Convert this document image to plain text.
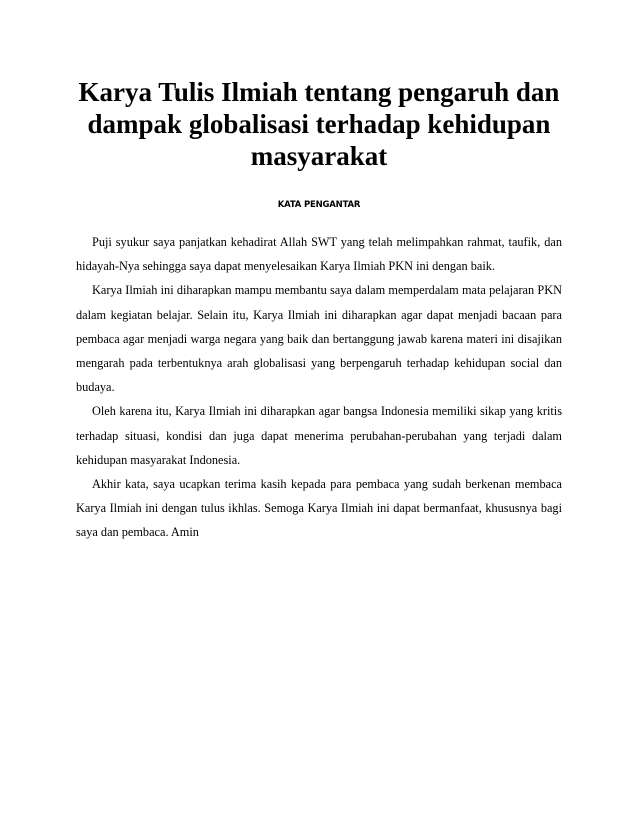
Karya Tulis Ilmiah tentang pengaruh dan dampak globalisasi terhadap kehidupan masyarakat
KATA PENGANTAR

Puji syukur saya panjatkan kehadirat Allah SWT yang telah melimpahkan rahmat, taufik, dan hidayah-Nya sehingga saya dapat menyelesaikan Karya Ilmiah PKN ini dengan baik.

Karya Ilmiah ini diharapkan mampu membantu saya dalam memperdalam mata pelajaran PKN dalam kegiatan belajar. Selain itu, Karya Ilmiah ini diharapkan agar dapat menjadi bacaan para pembaca agar menjadi warga negara yang baik dan bertanggung jawab karena materi ini disajikan mengarah pada terbentuknya arah globalisasi yang berpengaruh terhadap kehidupan social dan budaya.

Oleh karena itu, Karya Ilmiah ini diharapkan agar bangsa Indonesia memiliki sikap yang kritis terhadap situasi, kondisi dan juga dapat menerima perubahan-perubahan yang terjadi dalam kehidupan masyarakat Indonesia.

Akhir kata, saya ucapkan terima kasih kepada para pembaca yang sudah berkenan membaca Karya Ilmiah ini dengan tulus ikhlas. Semoga Karya Ilmiah ini dapat bermanfaat, khususnya bagi saya dan pembaca. Amin
